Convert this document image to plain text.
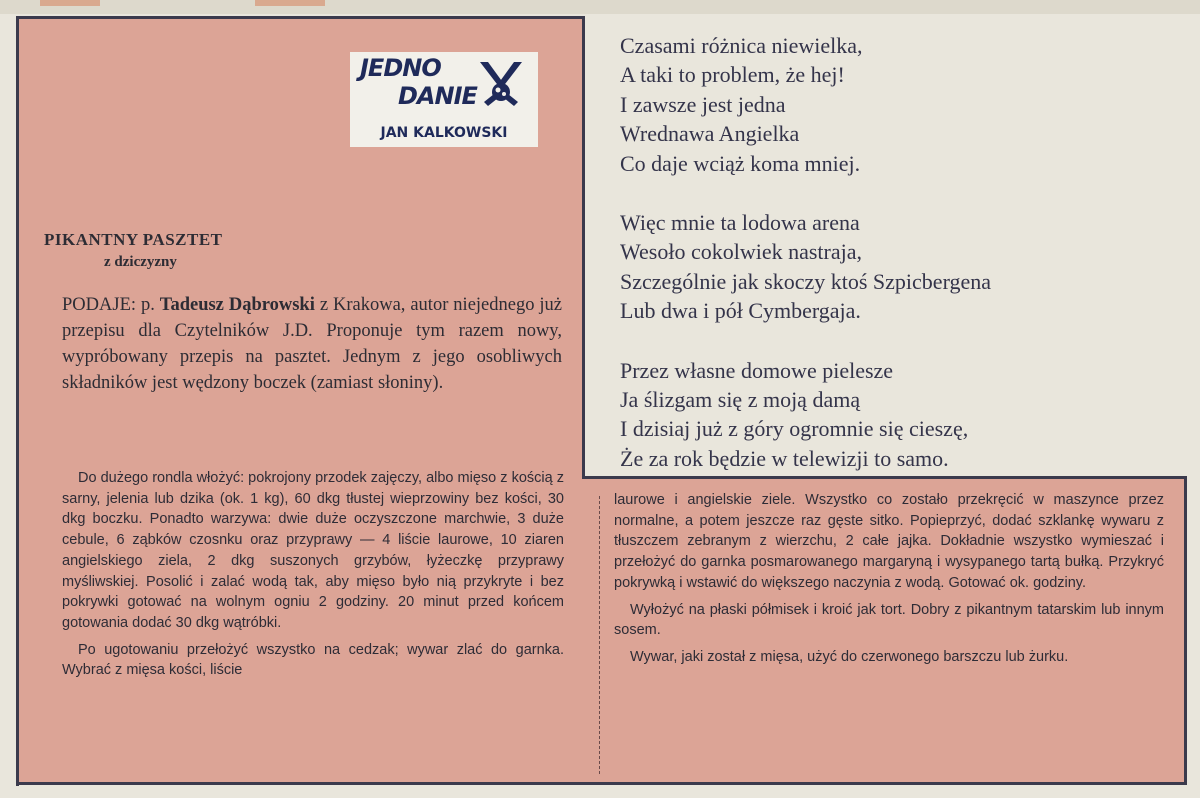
JEDNO
DANIE
JAN KALKOWSKI
PIKANTNY PASZTET
z dziczyzny
PODAJE: p. Tadeusz Dąbrowski z Krakowa, autor niejednego już przepisu dla Czytelników J.D. Proponuje tym razem nowy, wypróbowany przepis na pasztet. Jednym z jego osobliwych składników jest wędzony boczek (zamiast słoniny).

Do dużego rondla włożyć: pokrojony przodek zajęczy, albo mięso z kością z sarny, jelenia lub dzika (ok. 1 kg), 60 dkg tłustej wieprzowiny bez kości, 30 dkg boczku. Ponadto warzywa: dwie duże oczyszczone marchwie, 3 duże cebule, 6 ząbków czosnku oraz przyprawy — 4 liście laurowe, 10 ziaren angielskiego ziela, 2 dkg suszonych grzybów, łyżeczkę przyprawy myśliwskiej. Posolić i zalać wodą tak, aby mięso było nią przykryte i bez pokrywki gotować na wolnym ogniu 2 godziny. 20 minut przed końcem gotowania dodać 30 dkg wątróbki.

Po ugotowaniu przełożyć wszystko na cedzak; wywar zlać do garnka. Wybrać z mięsa kości, liście

laurowe i angielskie ziele. Wszystko co zostało przekręcić w maszynce przez normalne, a potem jeszcze raz gęste sitko. Popieprzyć, dodać szklankę wywaru z tłuszczem zebranym z wierzchu, 2 całe jajka. Dokładnie wszystko wymieszać i przełożyć do garnka posmarowanego margaryną i wysypanego tartą bułką. Przykryć pokrywką i wstawić do większego naczynia z wodą. Gotować ok. godziny.

Wyłożyć na płaski półmisek i kroić jak tort. Dobry z pikantnym tatarskim lub innym sosem.

Wywar, jaki został z mięsa, użyć do czerwonego barszczu lub żurku.

Czasami różnica niewielka,
A taki to problem, że hej!
I zawsze jest jedna
Wrednawa Angielka
Co daje wciąż koma mniej.
Więc mnie ta lodowa arena
Wesoło cokolwiek nastraja,
Szczególnie jak skoczy ktoś Szpicbergena
Lub dwa i pół Cymbergaja.
Przez własne domowe pielesze
Ja ślizgam się z moją damą
I dzisiaj już z góry ogromnie się cieszę,
Że za rok będzie w telewizji to samo.
